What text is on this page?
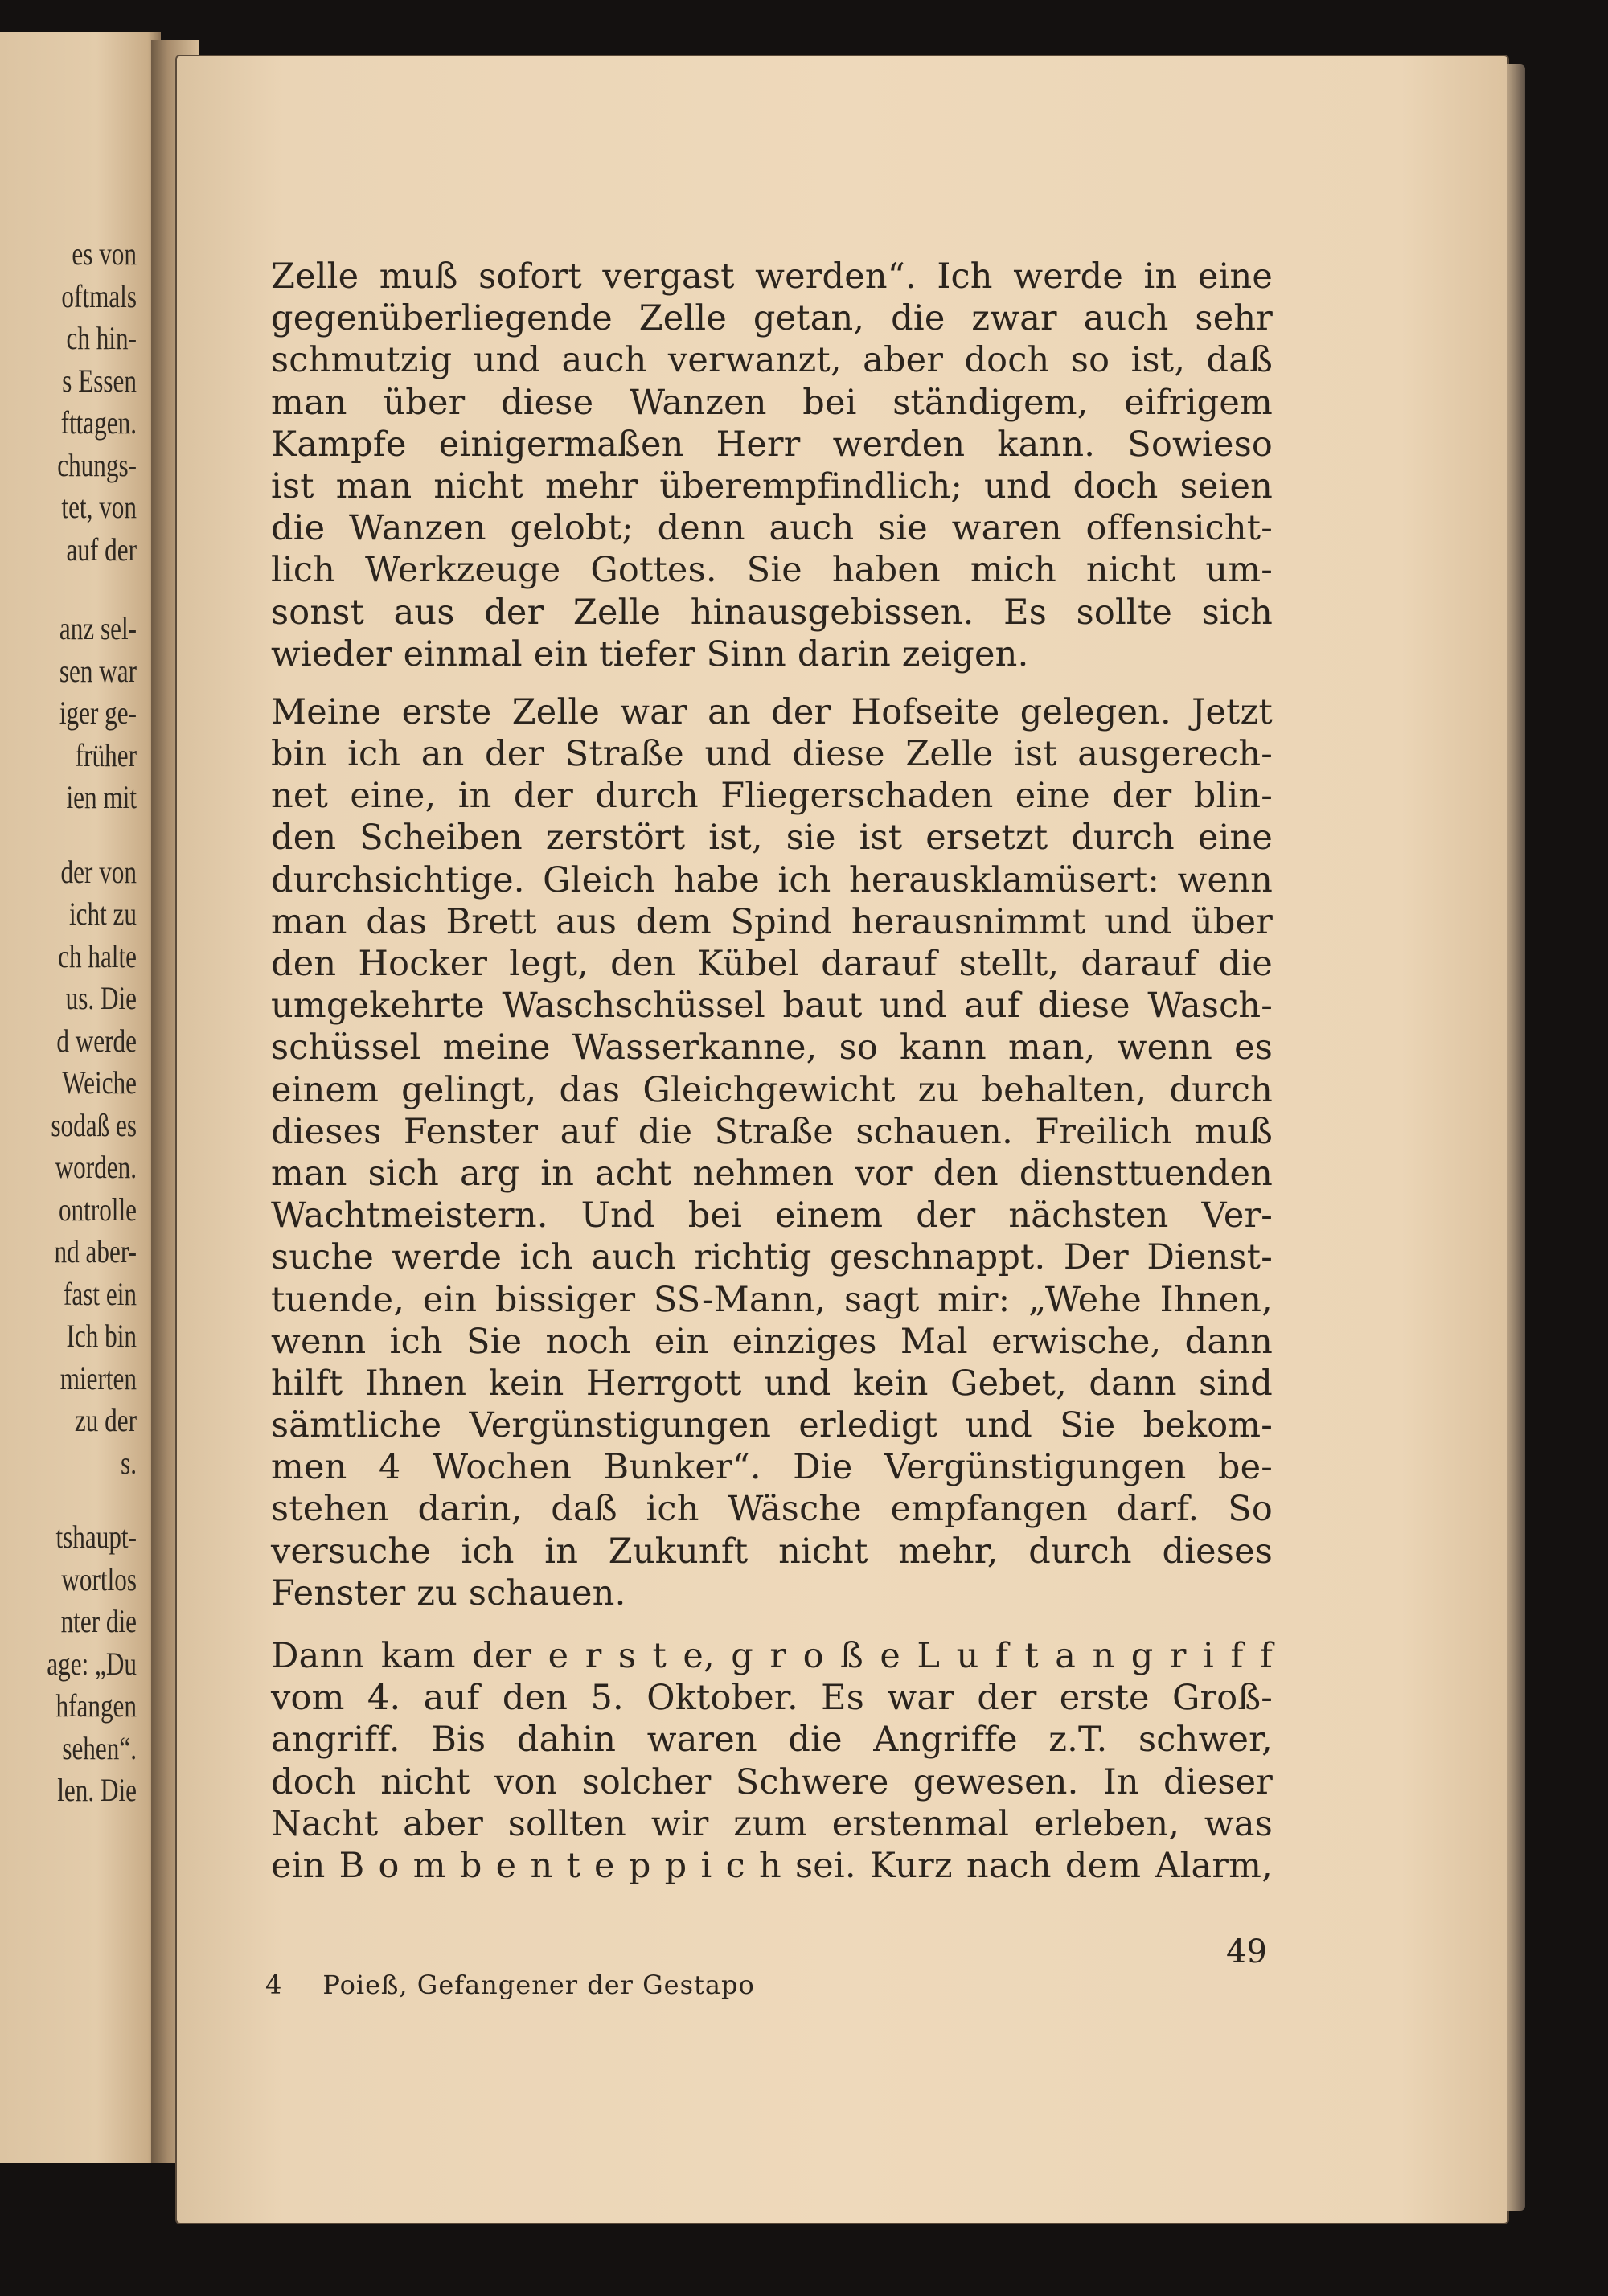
es von
oftmals
ch hin-
s Essen
fttagen.
chungs-
tet, von
auf der
anz sel-
sen war
iger ge-
früher
ien mit
der von
icht zu
ch halte
us. Die
d werde
Weiche
sodaß es
worden.
ontrolle
nd aber-
fast ein
Ich bin
mierten
zu der
s.
tshaupt-
wortlos
nter die
age: „Du
hfangen
sehen“.
len. Die
Zelle muß sofort vergast werden“. Ich werde in eine
gegenüberliegende Zelle getan, die zwar auch sehr
schmutzig und auch verwanzt, aber doch so ist, daß
man über diese Wanzen bei ständigem, eifrigem
Kampfe einigermaßen Herr werden kann. Sowieso
ist man nicht mehr überempfindlich; und doch seien
die Wanzen gelobt; denn auch sie waren offensicht-
lich Werkzeuge Gottes. Sie haben mich nicht um-
sonst aus der Zelle hinausgebissen. Es sollte sich
wieder einmal ein tiefer Sinn darin zeigen.
Meine erste Zelle war an der Hofseite gelegen. Jetzt
bin ich an der Straße und diese Zelle ist ausgerech-
net eine, in der durch Fliegerschaden eine der blin-
den Scheiben zerstört ist, sie ist ersetzt durch eine
durchsichtige. Gleich habe ich herausklamüsert: wenn
man das Brett aus dem Spind herausnimmt und über
den Hocker legt, den Kübel darauf stellt, darauf die
umgekehrte Waschschüssel baut und auf diese Wasch-
schüssel meine Wasserkanne, so kann man, wenn es
einem gelingt, das Gleichgewicht zu behalten, durch
dieses Fenster auf die Straße schauen. Freilich muß
man sich arg in acht nehmen vor den diensttuenden
Wachtmeistern. Und bei einem der nächsten Ver-
suche werde ich auch richtig geschnappt. Der Dienst-
tuende, ein bissiger SS-Mann, sagt mir: „Wehe Ihnen,
wenn ich Sie noch ein einziges Mal erwische, dann
hilft Ihnen kein Herrgott und kein Gebet, dann sind
sämtliche Vergünstigungen erledigt und Sie bekom-
men 4 Wochen Bunker“. Die Vergünstigungen be-
stehen darin, daß ich Wäsche empfangen darf. So
versuche ich in Zukunft nicht mehr, durch dieses
Fenster zu schauen.
Dann kam der e r s t e, g r o ß e L u f t a n g r i f f
vom 4. auf den 5. Oktober. Es war der erste Groß-
angriff. Bis dahin waren die Angriffe z.T. schwer,
doch nicht von solcher Schwere gewesen. In dieser
Nacht aber sollten wir zum erstenmal erleben, was
ein B o m b e n t e p p i c h sei. Kurz nach dem Alarm,
4 Poieß, Gefangener der Gestapo
49
